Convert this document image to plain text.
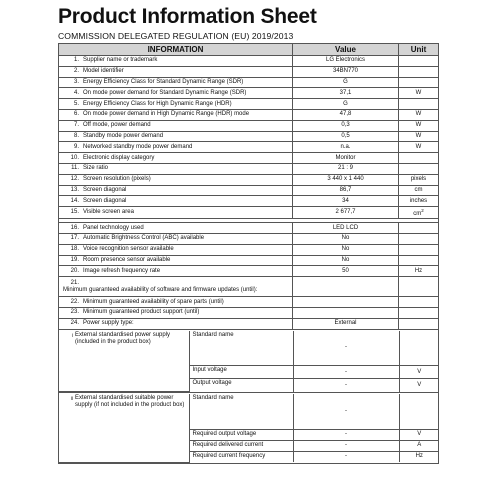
Product Information Sheet
COMMISSION DELEGATED REGULATION (EU) 2019/2013
INFORMATION	Value	Unit
1. Supplier name or trademark	LG Electronics	
2. Model identifier	34BN770	
3. Energy Efficiency Class for Standard Dynamic Range (SDR)	G	
4. On mode power demand for Standard Dynamic Range (SDR)	37,1	W
5. Energy Efficiency Class for High Dynamic Range (HDR)	G	
6. On mode power demand in High Dynamic Range (HDR) mode	47,8	W
7. Off mode, power demand	0,3	W
8. Standby mode power demand	0,5	W
9. Networked standby mode power demand	n.a.	W
10. Electronic display category	Monitor	
11. Size ratio	21 : 9	
12. Screen resolution (pixels)	3 440 x 1 440	pixels
13. Screen diagonal	86,7	cm
14. Screen diagonal	34	inches
15. Visible screen area	2 677,7	$cm^2$

16. Panel technology used	LED LCD	
17. Automatic Brightness Control (ABC) available	No	
18. Voice recognition sensor available	No	
19. Room presence sensor available	No	
20. Image refresh frequency rate	50	Hz
21.Minimum guaranteed availability of software and firmware updates (until):		
22. Minimum guaranteed availability of spare parts (until)		
23. Minimum guaranteed product support (until)		
24. Power supply type:	External	

i	External standardised power supply (included in the product box)	Standard name	-	
Input voltage	-	V
Output voltage	-	V

ii	External standardised suitable power supply (if not included in the product box)	Standard name	-	
Required output voltage	-	V
Required delivered current	-	A
Required current frequency	-	Hz
